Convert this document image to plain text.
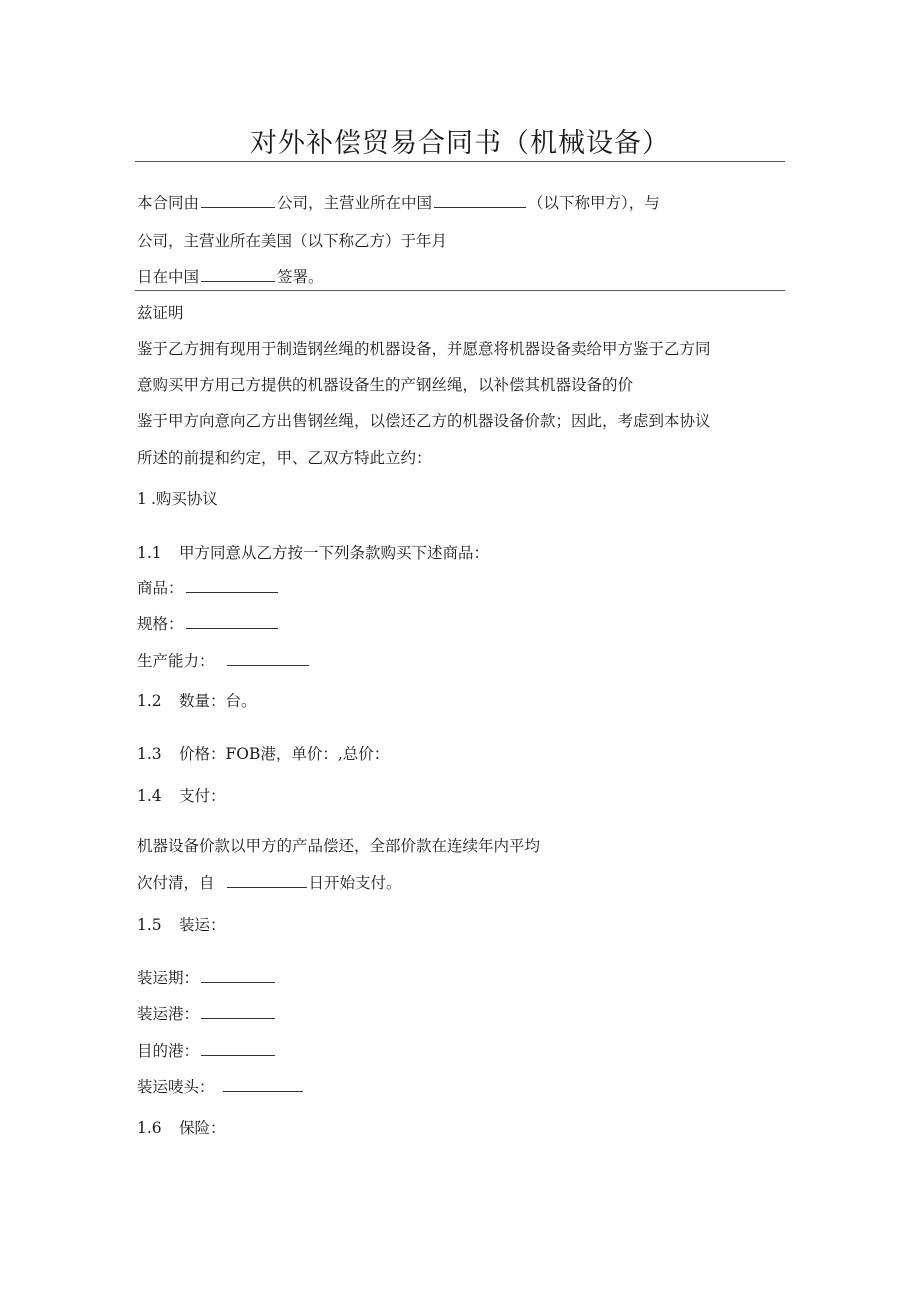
对外补偿贸易合同书（机械设备）
本合同由	公司，主营业所在中国	（以下称甲方），与
公司，主营业所在美国（以下称乙方）于年月
日在中国	签署。
兹证明
鉴于乙方拥有现用于制造钢丝绳的机器设备，并愿意将机器设备卖给甲方鉴于乙方同
意购买甲方用己方提供的机器设备生的产钢丝绳，以补偿其机器设备的价
鉴于甲方向意向乙方出售钢丝绳，以偿还乙方的机器设备价款；因此，考虑到本协议
所述的前提和约定，甲、乙双方特此立约：
1 .购买协议
1.1 甲方同意从乙方按一下列条款购买下述商品：
商品：
规格：
生产能力：
1.2 数量：台。
1.3 价格：FOB港，单价：,总价：
1.4 支付：
机器设备价款以甲方的产品偿还，全部价款在连续年内平均
次付清，自	日开始支付。
1.5 装运：
装运期：
装运港：
目的港：
装运唛头：
1.6 保险：
